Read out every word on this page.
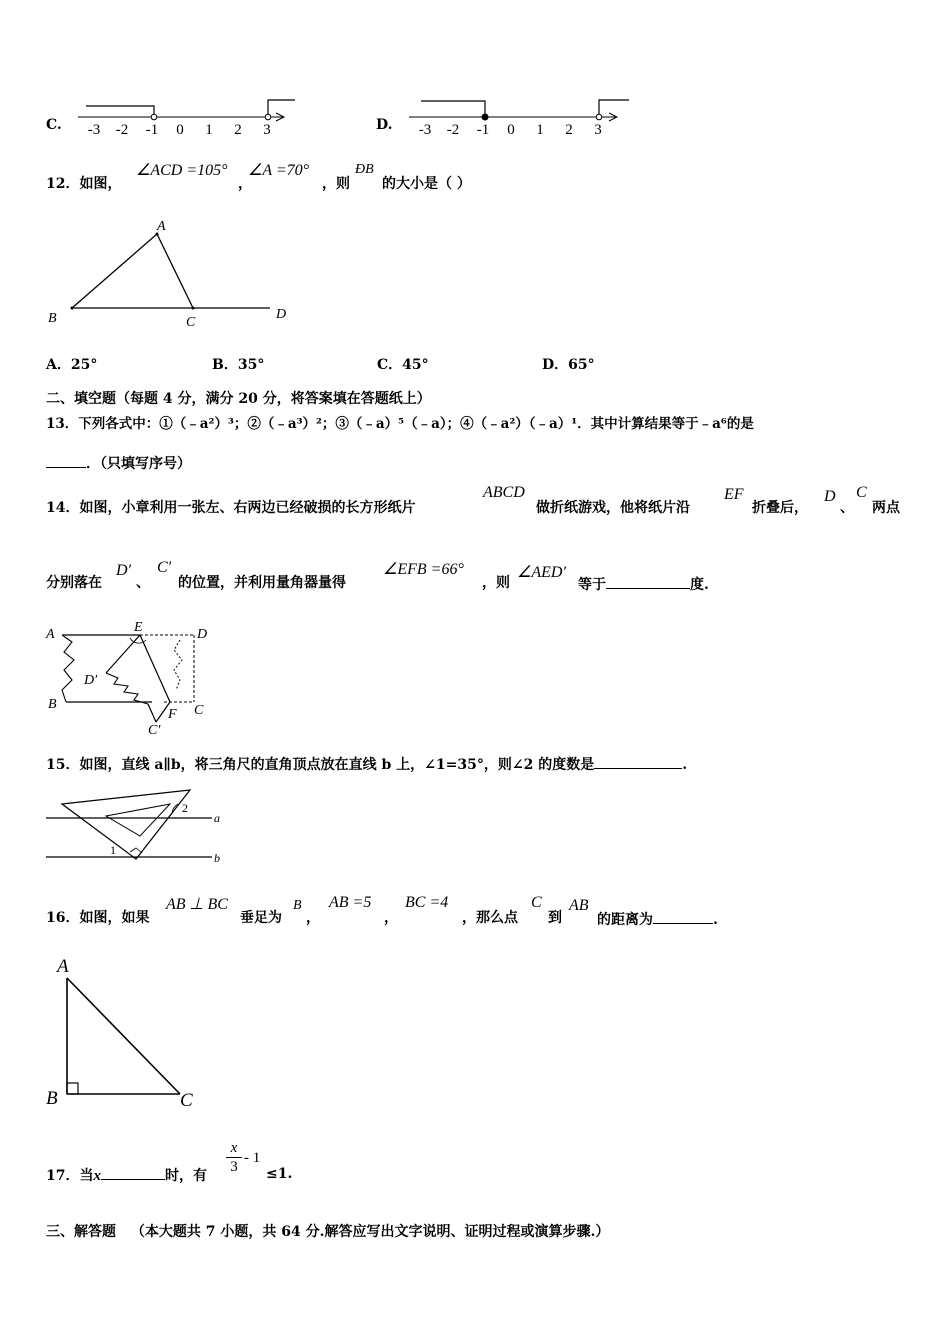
C. -3 -2 -1 0 1 2 3	D. -3 -2 -1 0 1 2 3
12．如图，
∠ACD =105°
，
∠A =70°
，则
ÐB
的大小是（ ）
A
B	C
D
A．25°	B．35°	C．45°	D．65°
二、填空题（每题 4 分，满分 20 分，将答案填在答题纸上）
13．下列各式中：①（﹣a²）³；②（﹣a³）²；③（﹣a）⁵（﹣a）；④（﹣a²）（﹣a）¹．其中计算结果等于﹣a⁶的是
．（只填写序号）
14．如图，小章利用一张左、右两边已经破损的长方形纸片
ABCD
做折纸游戏，他将纸片沿
EF
折叠后，
D
、
C
两点
分别落在
D′
、
C′
的位置，并利用量角器量得
∠EFB =66°
，则
∠AED′
等于	度.
A	E	D
D′
B
C′
F C
15．如图，直线 a∥b，将三角尺的直角顶点放在直线 b 上，∠1=35°，则∠2 的度数是	.
a
b
1
2
16．如图，如果
AB ⊥ BC
垂足为
B
，
AB =5
，
BC =4
，那么点
C
到
AB
的距离为	.
A
B	C
17．当x	时，有
x
3
- 1
≤1.
三、解答题 （本大题共 7 小题，共 64 分.解答应写出文字说明、证明过程或演算步骤.）
